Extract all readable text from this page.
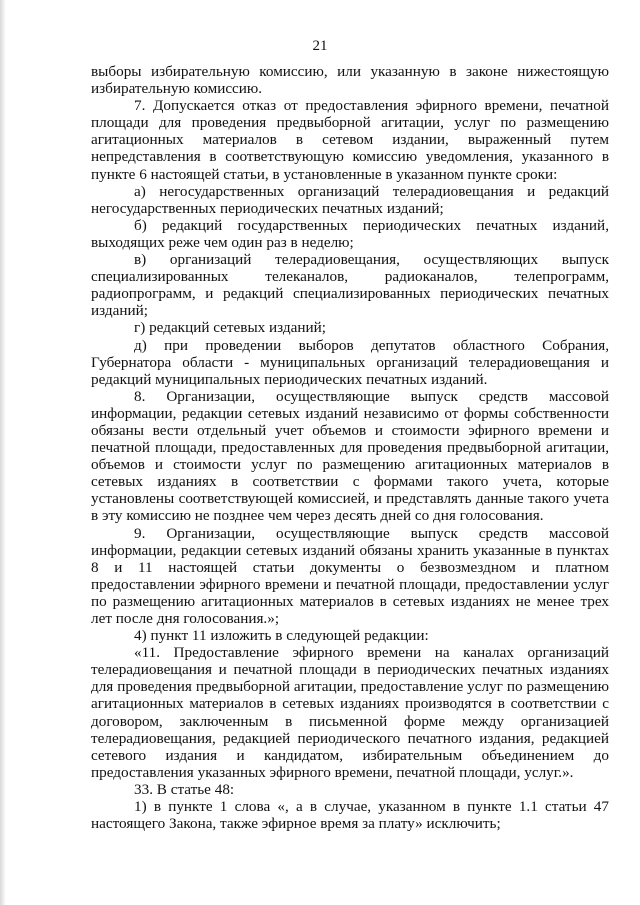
21

выборы избирательную комиссию, или указанную в законе нижестоящую избирательную комиссию.

7. Допускается отказ от предоставления эфирного времени, печатной площади для проведения предвыборной агитации, услуг по размещению агитационных материалов в сетевом издании, выраженный путем непредставления в соответствующую комиссию уведомления, указанного в пункте 6 настоящей статьи, в установленные в указанном пункте сроки:

а) негосударственных организаций телерадиовещания и редакций негосударственных периодических печатных изданий;

б) редакций государственных периодических печатных изданий, выходящих реже чем один раз в неделю;

в) организаций телерадиовещания, осуществляющих выпуск специализированных телеканалов, радиоканалов, телепрограмм, радиопрограмм, и редакций специализированных периодических печатных изданий;

г) редакций сетевых изданий;

д) при проведении выборов депутатов областного Собрания, Губернатора области - муниципальных организаций телерадиовещания и редакций муниципальных периодических печатных изданий.

8. Организации, осуществляющие выпуск средств массовой информации, редакции сетевых изданий независимо от формы собственности обязаны вести отдельный учет объемов и стоимости эфирного времени и печатной площади, предоставленных для проведения предвыборной агитации, объемов и стоимости услуг по размещению агитационных материалов в сетевых изданиях в соответствии с формами такого учета, которые установлены соответствующей комиссией, и представлять данные такого учета в эту комиссию не позднее чем через десять дней со дня голосования.

9. Организации, осуществляющие выпуск средств массовой информации, редакции сетевых изданий обязаны хранить указанные в пунктах 8 и 11 настоящей статьи документы о безвозмездном и платном предоставлении эфирного времени и печатной площади, предоставлении услуг по размещению агитационных материалов в сетевых изданиях не менее трех лет после дня голосования.»;

4) пункт 11 изложить в следующей редакции:

«11. Предоставление эфирного времени на каналах организаций телерадиовещания и печатной площади в периодических печатных изданиях для проведения предвыборной агитации, предоставление услуг по размещению агитационных материалов в сетевых изданиях производятся в соответствии с договором, заключенным в письменной форме между организацией телерадиовещания, редакцией периодического печатного издания, редакцией сетевого издания и кандидатом, избирательным объединением до предоставления указанных эфирного времени, печатной площади, услуг.».

33. В статье 48:

1) в пункте 1 слова «, а в случае, указанном в пункте 1.1 статьи 47 настоящего Закона, также эфирное время за плату» исключить;
